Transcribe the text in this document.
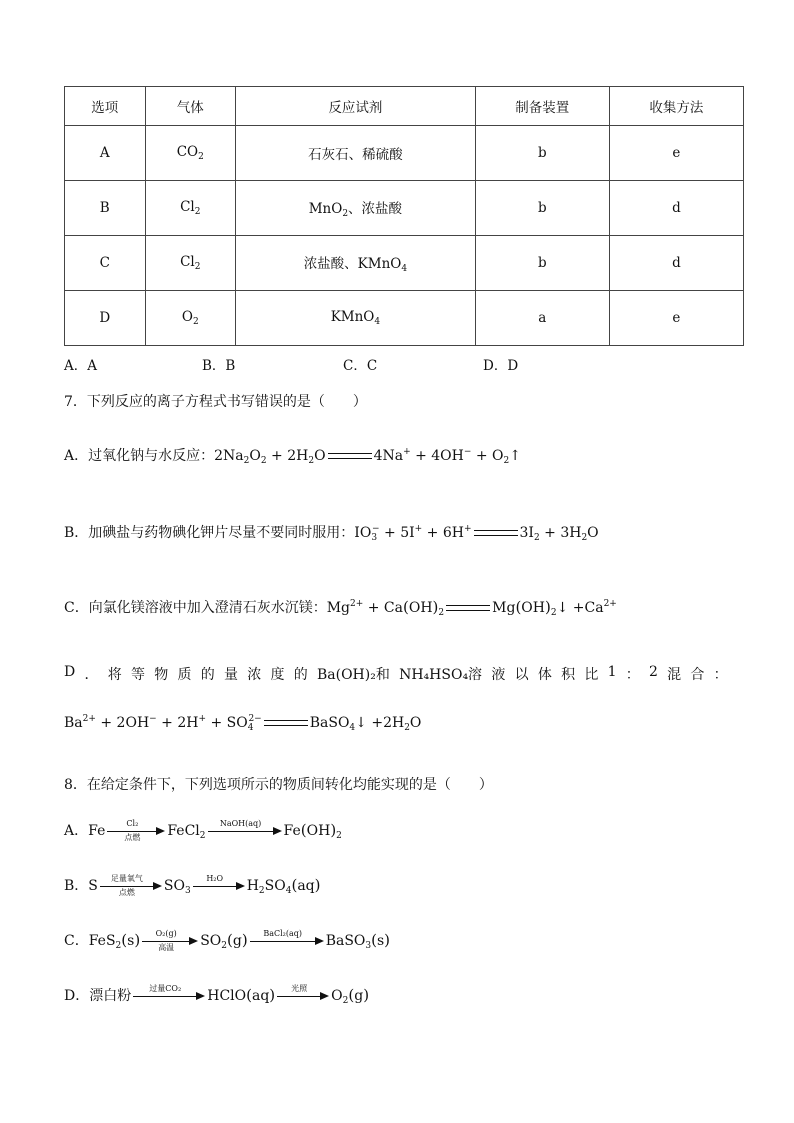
选项	气体	反应试剂	制备装置	收集方法
A	$CO_2$	石灰石、稀硫酸	b	e
B	$Cl_2$	MnO$_2$、浓盐酸	b	d
C	$Cl_2$	浓盐酸、KMnO$_4$	b	d
D	$O_2$	KMnO$_4$	a	e
A．A	B．B	C．C	D．D
7．下列反应的离子方程式书写错误的是（　　）
A．过氧化钠与水反应：$2Na_2O_2 + 2H_2O$	$4Na^+ + 4OH^- + O_2↑$
B．加碘盐与药物碘化钾片尽量不要同时服用：$IO_3^- + 5I^+ + 6H^+$	$3I_2 + 3H_2O$
C．向氯化镁溶液中加入澄清石灰水沉镁：$Mg^{2+} + Ca(OH)_2$	$Mg(OH)_2↓ +Ca^{2+}$
D ． 将 等 物 质 的 量 浓 度 的 Ba(OH)₂和 NH₄HSO₄溶 液 以 体 积 比 1 ： 2 混 合 ：
$Ba^{2+} + 2OH^- + 2H^+ + SO_4^{2-}$	BaSO$_4$↓ $+2H_2O$
8．在给定条件下，下列选项所示的物质间转化均能实现的是（　　）
A．Fe	Cl₂
点燃	FeCl$_2$
NaOH(aq)	$Fe(OH)_2$
B．S	足量氧气
点燃	$SO_3$
H₂O	$H_2SO_4(aq)$
C．FeS$_2$(s)	O₂(g)
高温	$SO_2(g)$	BaCl₂(aq)	BaSO$_3$(s)
D．漂白粉	过量CO₂	HClO(aq)	光照	$O_2(g)$
